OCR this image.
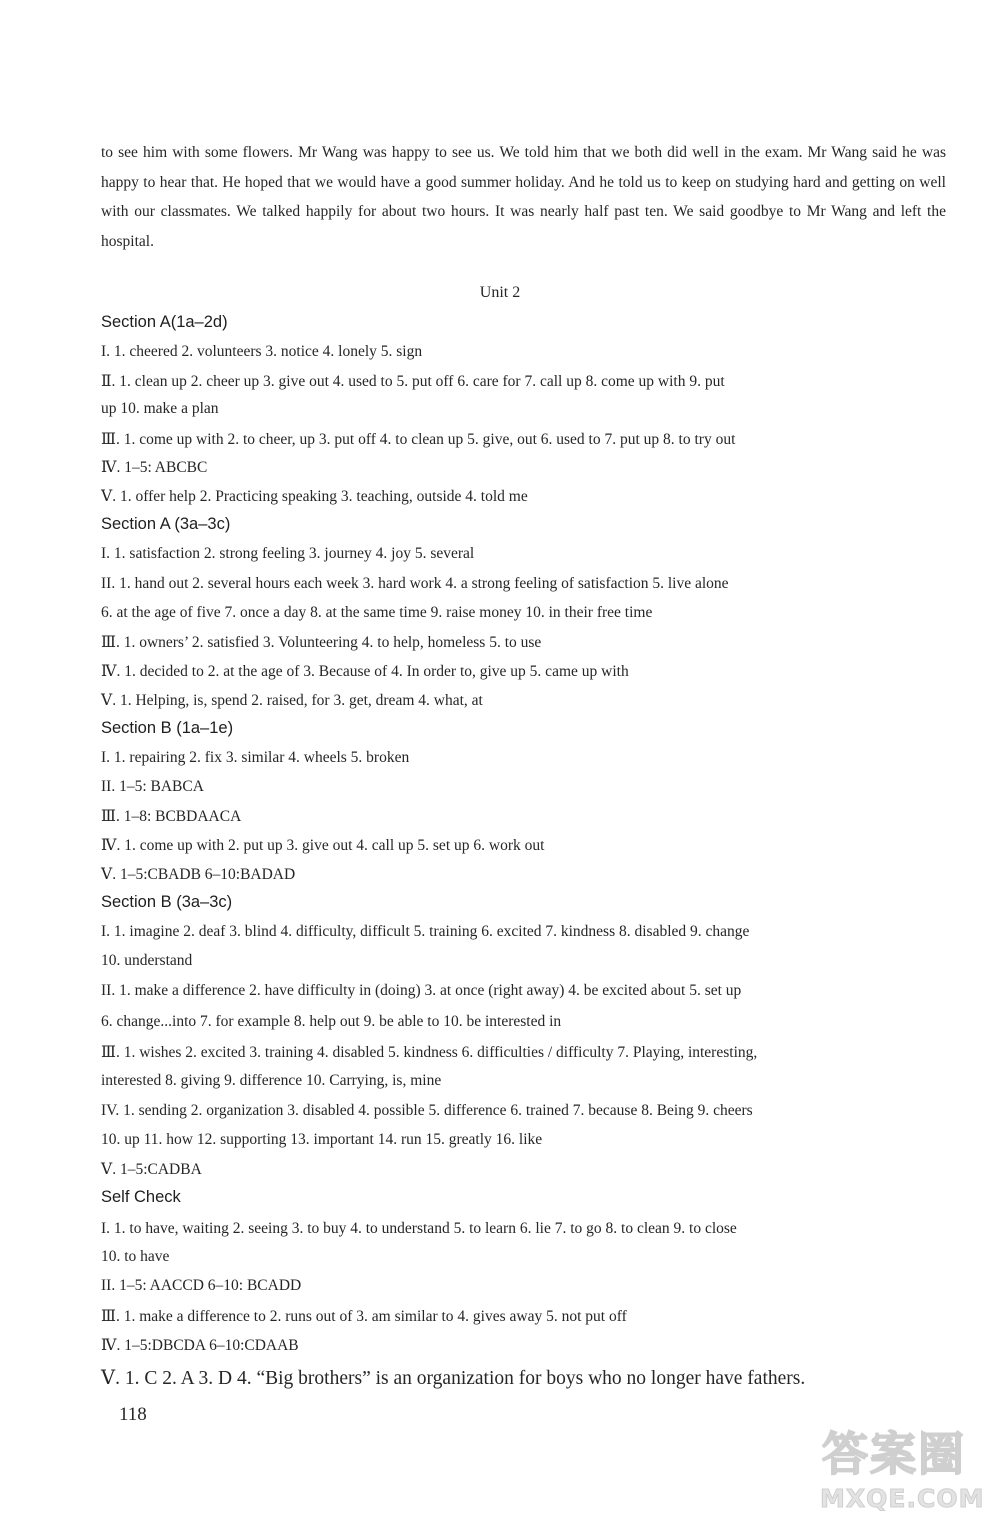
to see him with some flowers. Mr Wang was happy to see us. We told him that we both did well in the exam. Mr Wang said he was happy to hear that. He hoped that we would have a good summer holiday. And he told us to keep on studying hard and getting on well with our classmates. We talked happily for about two hours. It was nearly half past ten. We said goodbye to Mr Wang and left the hospital.

Unit 2
Section A(1a–2d)
I. 1. cheered 2. volunteers 3. notice 4. lonely 5. sign
Ⅱ. 1. clean up 2. cheer up 3. give out 4. used to 5. put off 6. care for 7. call up 8. come up with 9. put
up 10. make a plan
Ⅲ. 1. come up with 2. to cheer, up 3. put off 4. to clean up 5. give, out 6. used to 7. put up 8. to try out
Ⅳ. 1–5: ABCBC
Ⅴ. 1. offer help 2. Practicing speaking 3. teaching, outside 4. told me
Section A (3a–3c)
I. 1. satisfaction 2. strong feeling 3. journey 4. joy 5. several
II. 1. hand out 2. several hours each week 3. hard work 4. a strong feeling of satisfaction 5. live alone
6. at the age of five 7. once a day 8. at the same time 9. raise money 10. in their free time
Ⅲ. 1. owners’ 2. satisfied 3. Volunteering 4. to help, homeless 5. to use
Ⅳ. 1. decided to 2. at the age of 3. Because of 4. In order to, give up 5. came up with
Ⅴ. 1. Helping, is, spend 2. raised, for 3. get, dream 4. what, at
Section B (1a–1e)
I. 1. repairing 2. fix 3. similar 4. wheels 5. broken
II. 1–5: BABCA
Ⅲ. 1–8: BCBDAACA
Ⅳ. 1. come up with 2. put up 3. give out 4. call up 5. set up 6. work out
Ⅴ. 1–5:CBADB 6–10:BADAD
Section B (3a–3c)
I. 1. imagine 2. deaf 3. blind 4. difficulty, difficult 5. training 6. excited 7. kindness 8. disabled 9. change
10. understand
II. 1. make a difference 2. have difficulty in (doing) 3. at once (right away) 4. be excited about 5. set up
6. change...into 7. for example 8. help out 9. be able to 10. be interested in
Ⅲ. 1. wishes 2. excited 3. training 4. disabled 5. kindness 6. difficulties / difficulty 7. Playing, interesting,
interested 8. giving 9. difference 10. Carrying, is, mine
IV. 1. sending 2. organization 3. disabled 4. possible 5. difference 6. trained 7. because 8. Being 9. cheers
10. up 11. how 12. supporting 13. important 14. run 15. greatly 16. like
Ⅴ. 1–5:CADBA
Self Check
I. 1. to have, waiting 2. seeing 3. to buy 4. to understand 5. to learn 6. lie 7. to go 8. to clean 9. to close
10. to have
II. 1–5: AACCD 6–10: BCADD
Ⅲ. 1. make a difference to 2. runs out of 3. am similar to 4. gives away 5. not put off
Ⅳ. 1–5:DBCDA 6–10:CDAAB
Ⅴ. 1. C 2. A 3. D 4. “Big brothers” is an organization for boys who no longer have fathers.
118
答案圈
MXQE.COM
